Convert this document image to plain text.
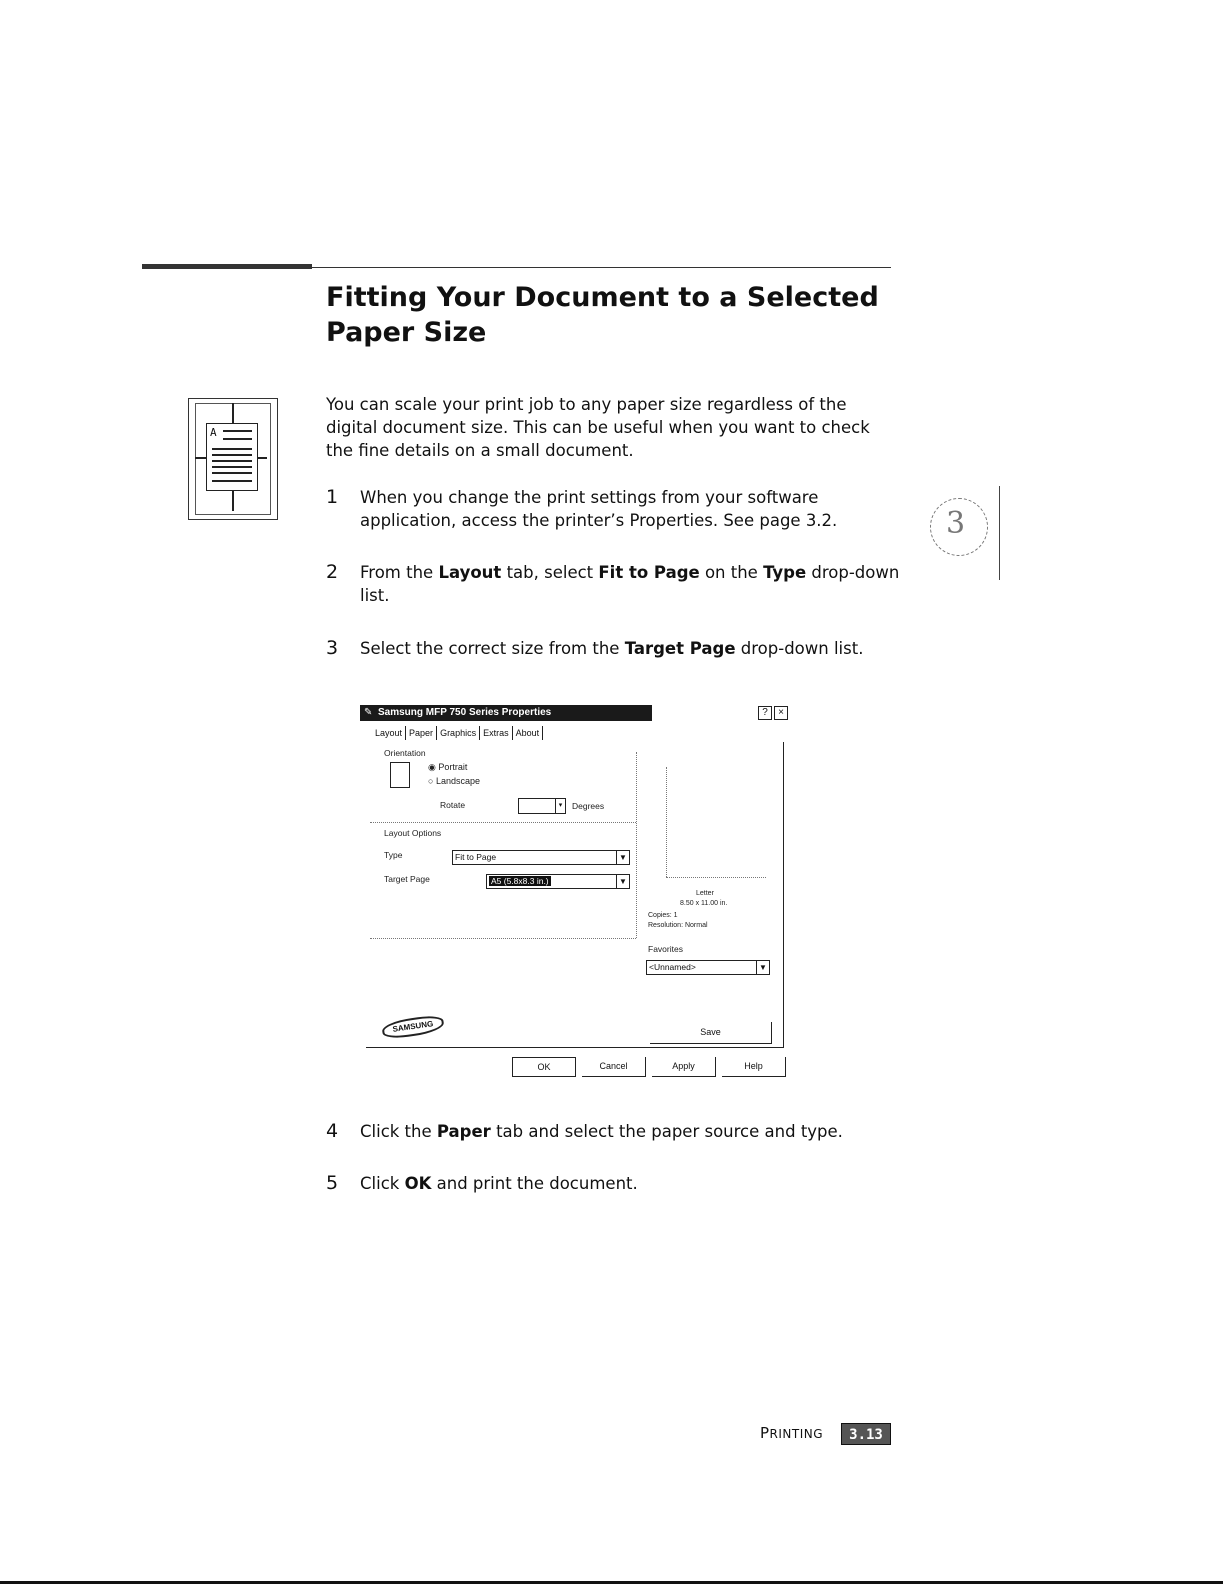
Fitting Your Document to a Selected Paper Size
A

You can scale your print job to any paper size regardless of the digital document size. This can be useful when you want to check the fine details on a small document.

1	When you change the print settings from your software application, access the printer’s Properties. See page 3.2.
2	From the Layout tab, select Fit to Page on the Type drop-down list.
3	Select the correct size from the Target Page drop-down list.
3
Samsung MFP 750 Series Properties
✎	?	×
Layout Paper Graphics Extras About
Orientation
◉ Portrait
○ Landscape
Rotate	▾	Degrees
Layout Options
Type	Fit to Page	▼
Target Page	A5 (5.8x8.3 in.)	▼
Letter
8.50 x 11.00 in.
Copies: 1
Resolution: Normal
Favorites
<Unnamed>	▼
Save
SAMSUNG
OK	Cancel	Apply	Help
4	Click the Paper tab and select the paper source and type.
5	Click OK and print the document.
PRINTING	3.13
